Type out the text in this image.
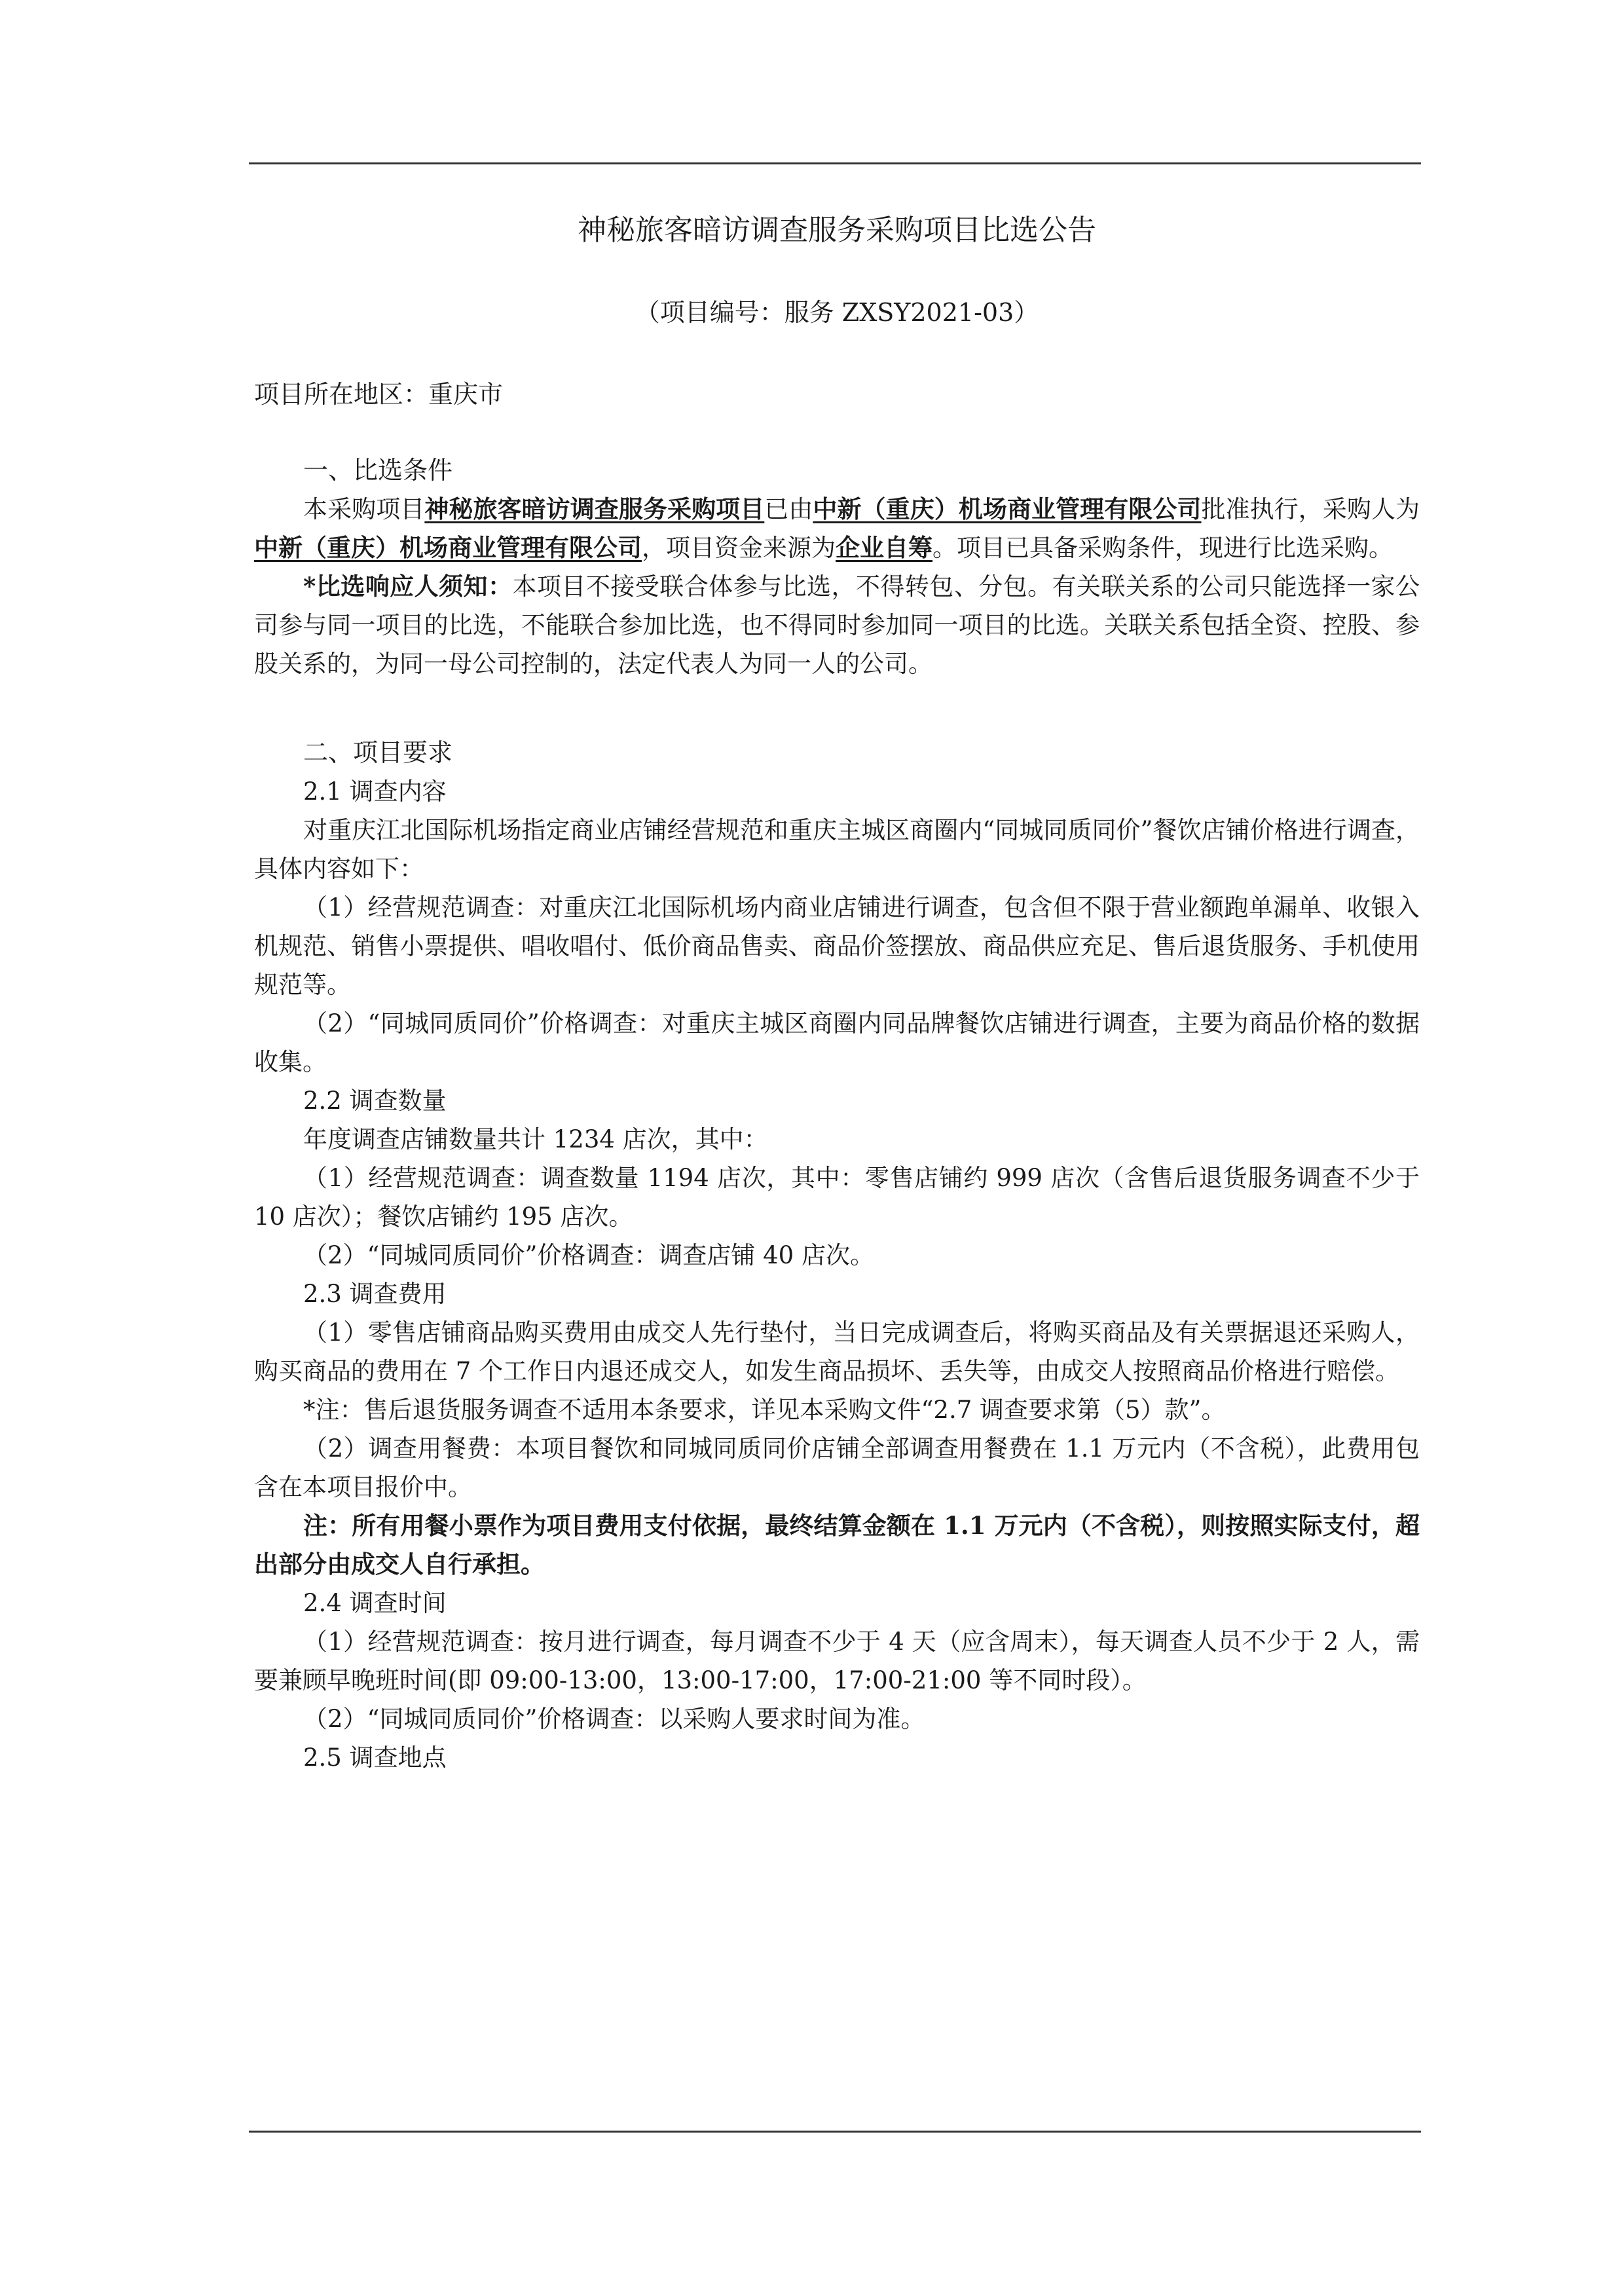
神秘旅客暗访调查服务采购项目比选公告
（项目编号：服务 ZXSY2021-03）
项目所在地区：重庆市
一、比选条件

本采购项目神秘旅客暗访调查服务采购项目已由中新（重庆）机场商业管理有限公司批准执行，采购人为中新（重庆）机场商业管理有限公司，项目资金来源为企业自筹。项目已具备采购条件，现进行比选采购。

*比选响应人须知：本项目不接受联合体参与比选，不得转包、分包。有关联关系的公司只能选择一家公司参与同一项目的比选，不能联合参加比选，也不得同时参加同一项目的比选。关联关系包括全资、控股、参股关系的，为同一母公司控制的，法定代表人为同一人的公司。

二、项目要求

2.1 调查内容

对重庆江北国际机场指定商业店铺经营规范和重庆主城区商圈内“同城同质同价”餐饮店铺价格进行调查，具体内容如下：

（1）经营规范调查：对重庆江北国际机场内商业店铺进行调查，包含但不限于营业额跑单漏单、收银入机规范、销售小票提供、唱收唱付、低价商品售卖、商品价签摆放、商品供应充足、售后退货服务、手机使用规范等。

（2）“同城同质同价”价格调查：对重庆主城区商圈内同品牌餐饮店铺进行调查，主要为商品价格的数据收集。

2.2 调查数量

年度调查店铺数量共计 1234 店次，其中：

（1）经营规范调查：调查数量 1194 店次，其中：零售店铺约 999 店次（含售后退货服务调查不少于 10 店次）；餐饮店铺约 195 店次。

（2）“同城同质同价”价格调查：调查店铺 40 店次。

2.3 调查费用

（1）零售店铺商品购买费用由成交人先行垫付，当日完成调查后，将购买商品及有关票据退还采购人，购买商品的费用在 7 个工作日内退还成交人，如发生商品损坏、丢失等，由成交人按照商品价格进行赔偿。

*注：售后退货服务调查不适用本条要求，详见本采购文件“2.7 调查要求第（5）款”。

（2）调查用餐费：本项目餐饮和同城同质同价店铺全部调查用餐费在 1.1 万元内（不含税），此费用包含在本项目报价中。

注：所有用餐小票作为项目费用支付依据，最终结算金额在 1.1 万元内（不含税），则按照实际支付，超出部分由成交人自行承担。

2.4 调查时间

（1）经营规范调查：按月进行调查，每月调查不少于 4 天（应含周末），每天调查人员不少于 2 人，需要兼顾早晚班时间(即 09:00-13:00，13:00-17:00，17:00-21:00 等不同时段）。

（2）“同城同质同价”价格调查：以采购人要求时间为准。

2.5 调查地点
